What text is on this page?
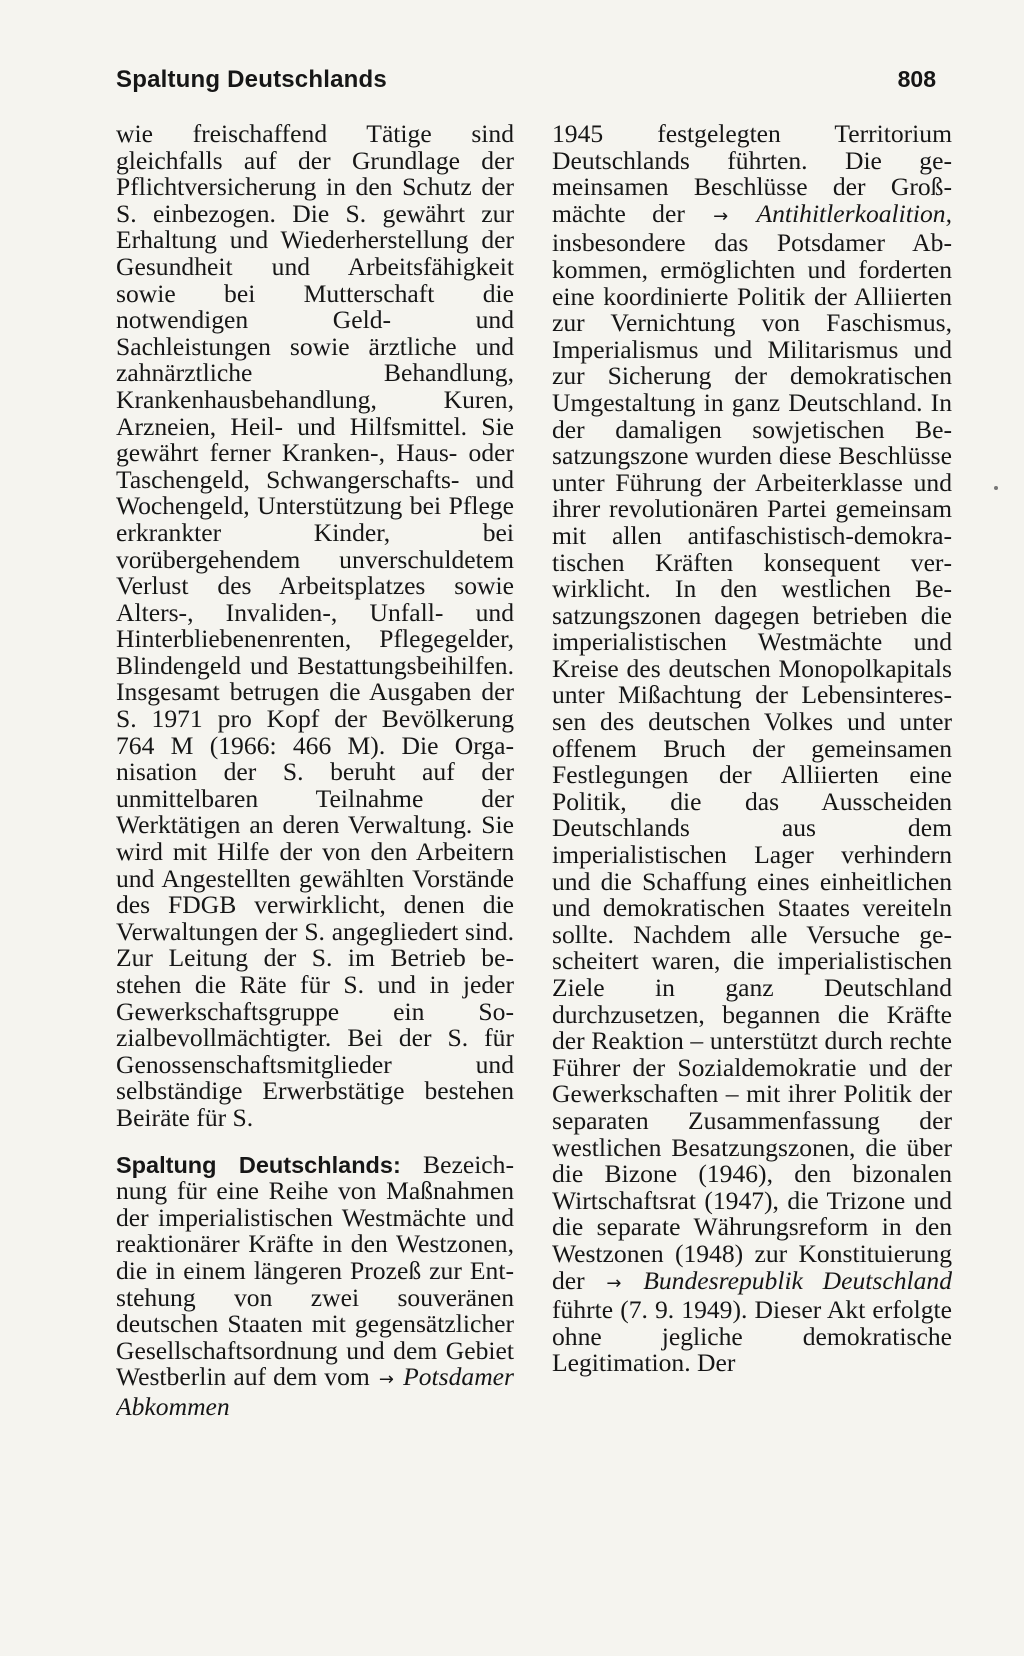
Spaltung Deutschlands	808

wie freischaffend Tätige sind gleichfalls auf der Grundlage der Pflichtversicherung in den Schutz der S. einbezogen. Die S. gewährt zur Erhaltung und Wiederherstellung der Gesundheit und Arbeitsfähigkeit sowie bei Mutterschaft die notwendigen Geld- und Sachleistungen sowie ärztliche und zahnärztliche Behandlung, Krankenhausbehandlung, Kuren, Arzneien, Heil- und Hilfsmittel. Sie gewährt ferner Kranken-, Haus- oder Taschengeld, Schwangerschafts- und Wochengeld, Unterstützung bei Pflege erkrankter Kinder, bei vorübergehendem unverschuldetem Verlust des Arbeitsplatzes sowie Alters-, Invaliden-, Unfall- und Hinterbliebenenrenten, Pflegegelder, Blindengeld und Bestattungsbeihilfen. Insgesamt betrugen die Ausgaben der S. 1971 pro Kopf der Bevölkerung 764 M (1966: 466 M). Die Organisation der S. beruht auf der unmittelbaren Teilnahme der Werktätigen an deren Verwaltung. Sie wird mit Hilfe der von den Arbeitern und Angestellten gewählten Vorstände des FDGB verwirklicht, denen die Verwaltungen der S. angegliedert sind. Zur Leitung der S. im Betrieb bestehen die Räte für S. und in jeder Gewerkschaftsgruppe ein Sozialbevollmächtigter. Bei der S. für Genossenschaftsmitglieder und selbständige Erwerbstätige bestehen Beiräte für S.

Spaltung Deutschlands: Bezeichnung für eine Reihe von Maßnahmen der imperialistischen Westmächte und reaktionärer Kräfte in den Westzonen, die in einem längeren Prozeß zur Entstehung von zwei souveränen deutschen Staaten mit gegensätzlicher Gesellschaftsordnung und dem Gebiet Westberlin auf dem vom → Potsdamer Abkommen

1945 festgelegten Territorium Deutschlands führten. Die gemeinsamen Beschlüsse der Großmächte der → Antihitlerkoalition, insbesondere das Potsdamer Abkommen, ermöglichten und forderten eine koordinierte Politik der Alliierten zur Vernichtung von Faschismus, Imperialismus und Militarismus und zur Sicherung der demokratischen Umgestaltung in ganz Deutschland. In der damaligen sowjetischen Besatzungszone wurden diese Beschlüsse unter Führung der Arbeiterklasse und ihrer revolutionären Partei gemeinsam mit allen antifaschistisch-demokratischen Kräften konsequent verwirklicht. In den westlichen Besatzungszonen dagegen betrieben die imperialistischen Westmächte und Kreise des deutschen Monopolkapitals unter Mißachtung der Lebensinteressen des deutschen Volkes und unter offenem Bruch der gemeinsamen Festlegungen der Alliierten eine Politik, die das Ausscheiden Deutschlands aus dem imperialistischen Lager verhindern und die Schaffung eines einheitlichen und demokratischen Staates vereiteln sollte. Nachdem alle Versuche gescheitert waren, die imperialistischen Ziele in ganz Deutschland durchzusetzen, begannen die Kräfte der Reaktion – unterstützt durch rechte Führer der Sozialdemokratie und der Gewerkschaften – mit ihrer Politik der separaten Zusammenfassung der westlichen Besatzungszonen, die über die Bizone (1946), den bizonalen Wirtschaftsrat (1947), die Trizone und die separate Währungsreform in den Westzonen (1948) zur Konstituierung der → Bundesrepublik Deutschland führte (7. 9. 1949). Dieser Akt erfolgte ohne jegliche demokratische Legitimation. Der
